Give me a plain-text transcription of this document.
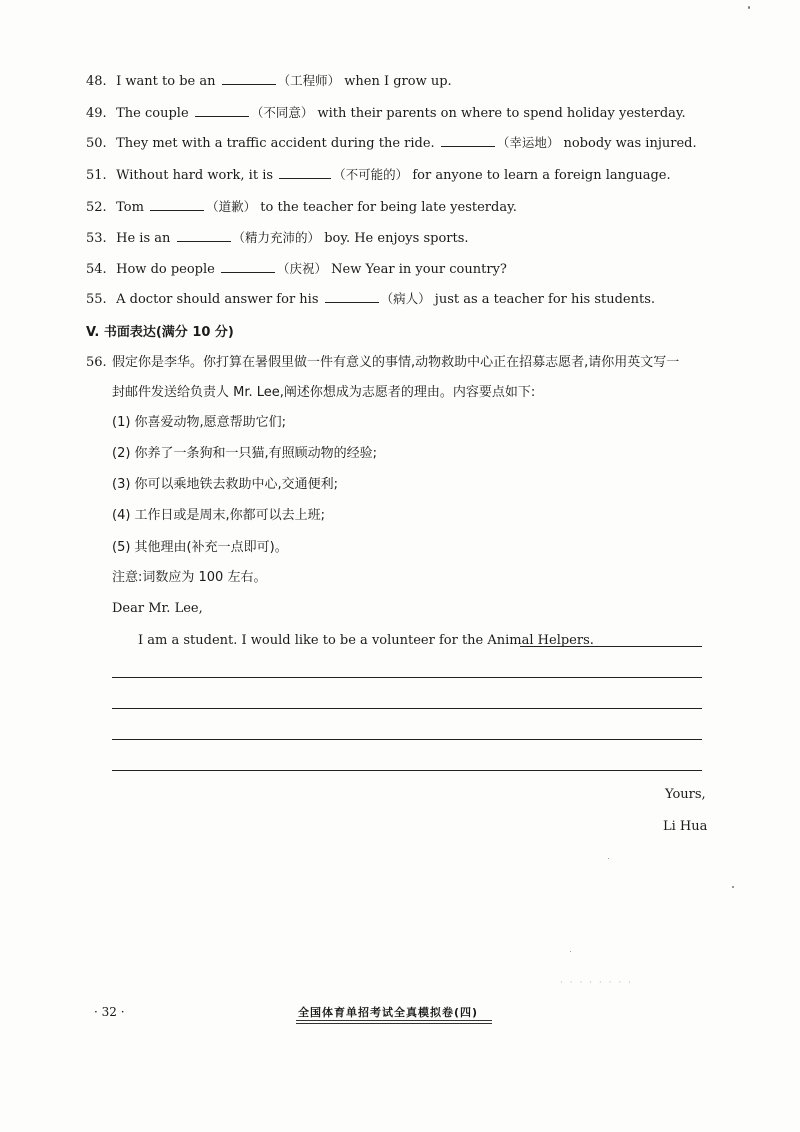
48. I want to be an	（工程师） when I grow up.
49. The couple	（不同意） with their parents on where to spend holiday yesterday.
50. They met with a traffic accident during the ride.	（幸运地） nobody was injured.
51. Without hard work, it is	（不可能的） for anyone to learn a foreign language.
52. Tom	（道歉） to the teacher for being late yesterday.
53. He is an	（精力充沛的） boy. He enjoys sports.
54. How do people	（庆祝） New Year in your country?
55. A doctor should answer for his	（病人） just as a teacher for his students.
V. 书面表达(满分 10 分)
56. 假定你是李华。你打算在暑假里做一件有意义的事情,动物救助中心正在招募志愿者,请你用英文写一
封邮件发送给负责人 Mr. Lee,阐述你想成为志愿者的理由。内容要点如下:
(1) 你喜爱动物,愿意帮助它们;
(2) 你养了一条狗和一只猫,有照顾动物的经验;
(3) 你可以乘地铁去救助中心,交通便利;
(4) 工作日或是周末,你都可以去上班;
(5) 其他理由(补充一点即可)。
注意:词数应为 100 左右。
Dear Mr. Lee,
I am a student. I would like to be a volunteer for the Animal Helpers.
Yours,
Li Hua
· · · · · · · ·
· 32 ·	全国体育单招考试全真模拟卷(四)
